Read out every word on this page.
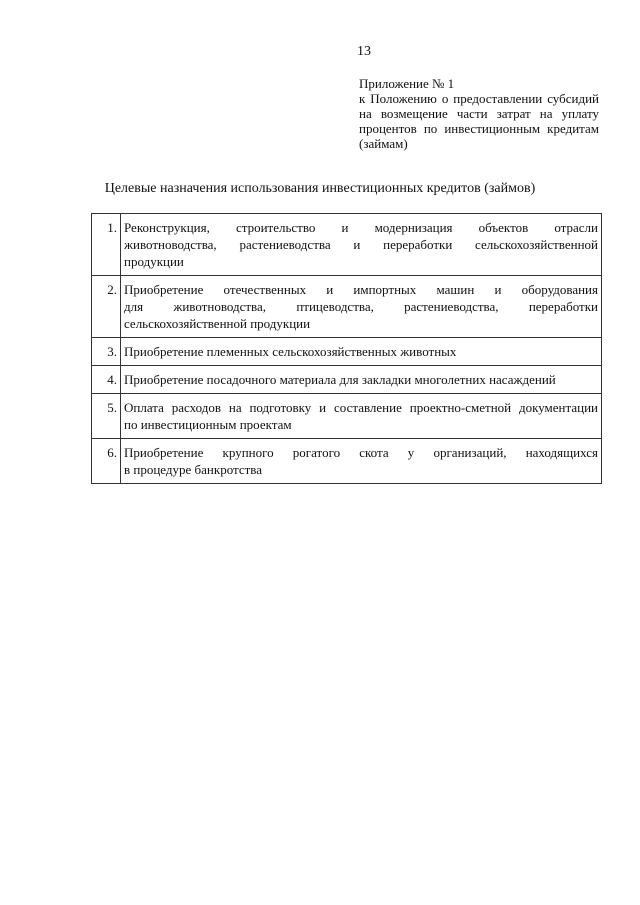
13
Приложение № 1
к Положению о предоставлении субсидий
на возмещение части затрат на уплату
процентов по инвестиционным кредитам
(займам)
Целевые назначения использования инвестиционных кредитов (займов)
1.	Реконструкция, строительство и модернизация объектов отрасли
животноводства, растениеводства и переработки сельскохозяйственной
продукции

2.	Приобретение отечественных и импортных машин и оборудования
для животноводства, птицеводства, растениеводства, переработки
сельскохозяйственной продукции

3.	Приобретение племенных сельскохозяйственных животных

4.	Приобретение посадочного материала для закладки многолетних насаждений

5.	Оплата расходов на подготовку и составление проектно-сметной документации
по инвестиционным проектам

6.	Приобретение крупного рогатого скота у организаций, находящихся
в процедуре банкротства
